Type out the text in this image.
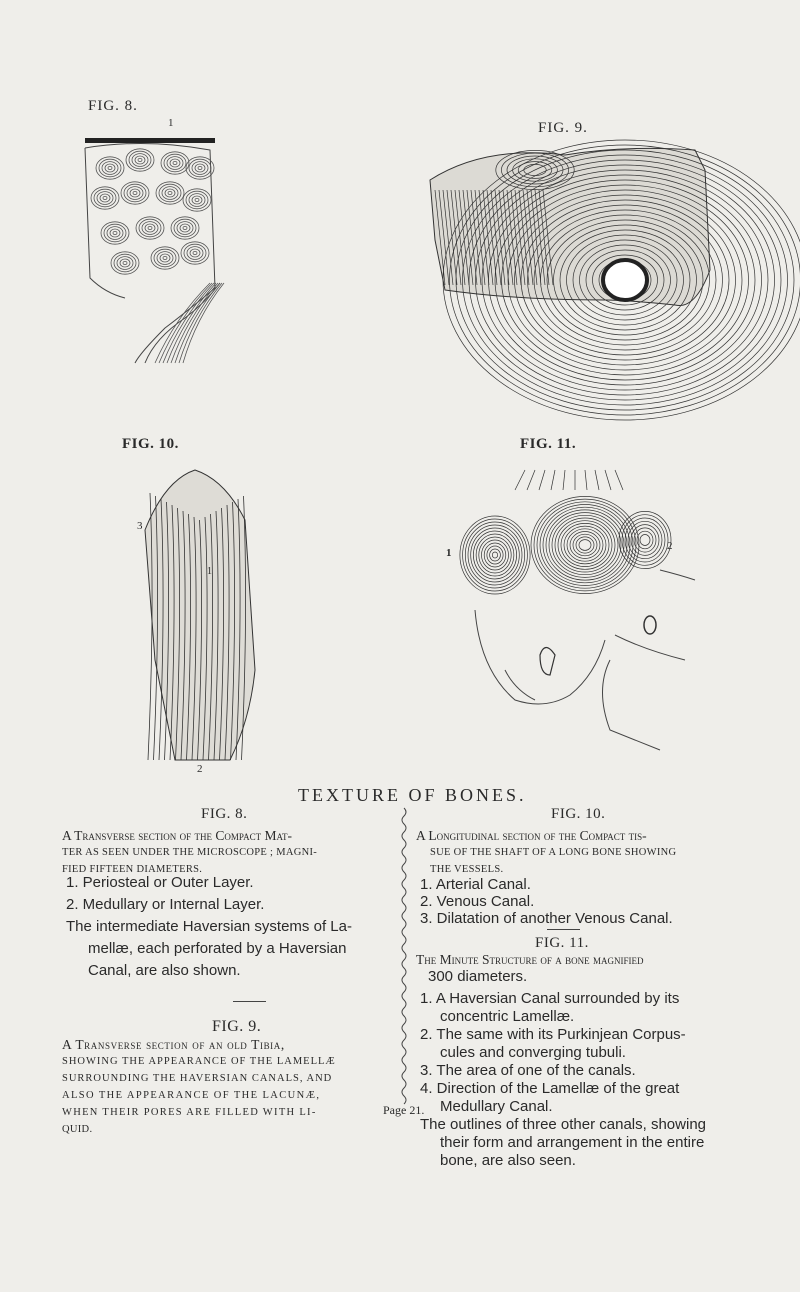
FIG. 8.
1	FIG. 9.
FIG. 10.	FIG. 11.
3
1
2
1
2
TEXTURE OF BONES.
FIG. 8.
A Transverse section of the Compact Mat-
TER AS SEEN UNDER THE MICROSCOPE ; MAGNI-
FIED FIFTEEN DIAMETERS.
1. Periosteal or Outer Layer.
2. Medullary or Internal Layer.
The intermediate Haversian systems of La-
mellæ, each perforated by a Haversian
Canal, are also shown.
FIG. 9.
A Transverse section of an old Tibia,
SHOWING THE APPEARANCE OF THE LAMELLÆ
SURROUNDING THE HAVERSIAN CANALS, AND
ALSO THE APPEARANCE OF THE LACUNÆ,
WHEN THEIR PORES ARE FILLED WITH LI-
QUID.
FIG. 10.
A Longitudinal section of the Compact tis-
SUE OF THE SHAFT OF A LONG BONE SHOWING
THE VESSELS.
1. Arterial Canal.
2. Venous Canal.
3. Dilatation of another Venous Canal.
FIG. 11.
The Minute Structure of a bone magnified
300 diameters.
1. A Haversian Canal surrounded by its
concentric Lamellæ.
2. The same with its Purkinjean Corpus-
cules and converging tubuli.
3. The area of one of the canals.
4. Direction of the Lamellæ of the great
Medullary Canal.
The outlines of three other canals, showing
their form and arrangement in the entire
bone, are also seen.
Page 21.
